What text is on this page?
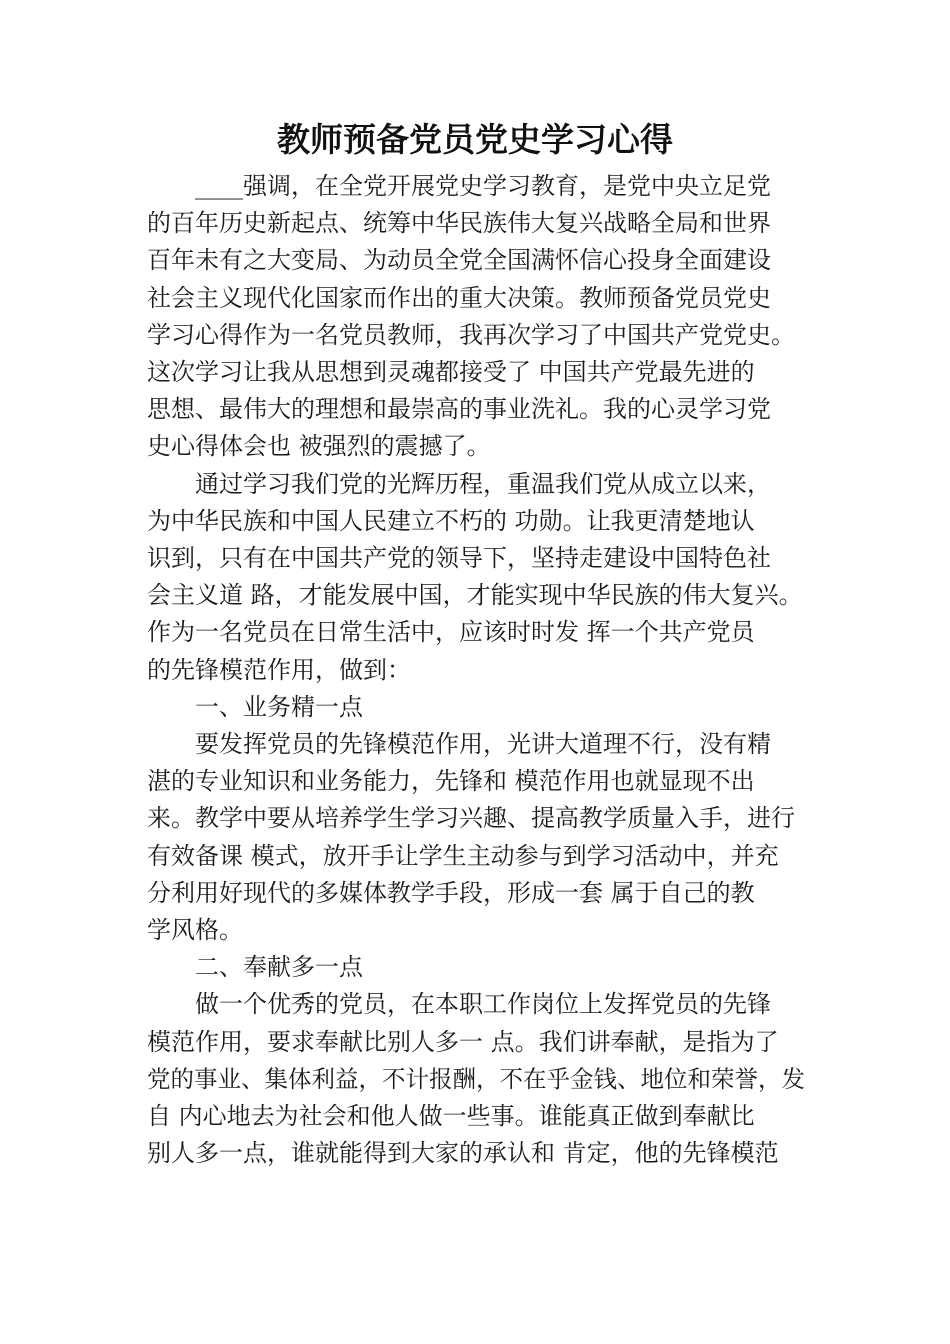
教师预备党员党史学习心得
　　____强调，在全党开展党史学习教育，是党中央立足党
的百年历史新起点、统筹中华民族伟大复兴战略全局和世界
百年未有之大变局、为动员全党全国满怀信心投身全面建设
社会主义现代化国家而作出的重大决策。教师预备党员党史
学习心得作为一名党员教师，我再次学习了中国共产党党史。
这次学习让我从思想到灵魂都接受了 中国共产党最先进的
思想、最伟大的理想和最崇高的事业洗礼。我的心灵学习党
史心得体会也 被强烈的震撼了。
　　通过学习我们党的光辉历程，重温我们党从成立以来，
为中华民族和中国人民建立不朽的 功勋。让我更清楚地认
识到，只有在中国共产党的领导下，坚持走建设中国特色社
会主义道 路，才能发展中国，才能实现中华民族的伟大复兴。
作为一名党员在日常生活中，应该时时发 挥一个共产党员
的先锋模范作用，做到：
　　一、业务精一点
　　要发挥党员的先锋模范作用，光讲大道理不行，没有精
湛的专业知识和业务能力，先锋和 模范作用也就显现不出
来。教学中要从培养学生学习兴趣、提高教学质量入手，进行
有效备课 模式，放开手让学生主动参与到学习活动中，并充
分利用好现代的多媒体教学手段，形成一套 属于自己的教
学风格。
　　二、奉献多一点
　　做一个优秀的党员，在本职工作岗位上发挥党员的先锋
模范作用，要求奉献比别人多一 点。我们讲奉献，是指为了
党的事业、集体利益，不计报酬，不在乎金钱、地位和荣誉，发
自 内心地去为社会和他人做一些事。谁能真正做到奉献比
别人多一点，谁就能得到大家的承认和 肯定，他的先锋模范
